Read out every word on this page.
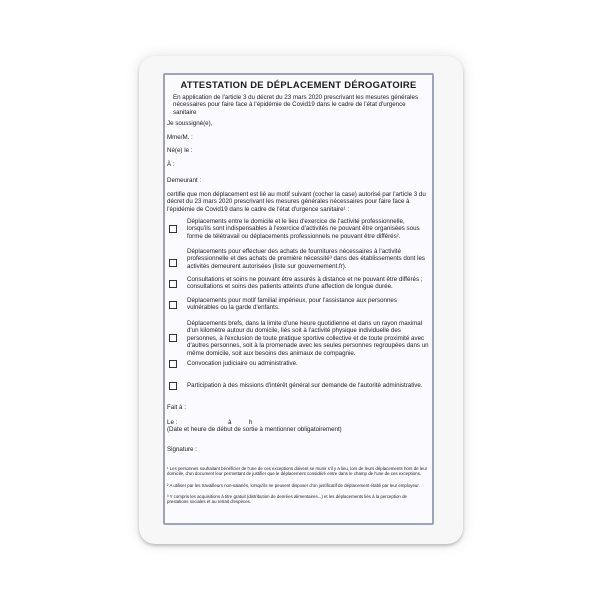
ATTESTATION DE DÉPLACEMENT DÉROGATOIRE
En application de l'article 3 du décret du 23 mars 2020 prescrivant les mesures générales nécessaires pour faire face à l'épidémie de Covid19 dans le cadre de l'état d'urgence sanitaire
Je soussigné(e),
Mme/M. :
Né(e) le :
À :
Demeurant :
certifie que mon déplacement est lié au motif suivant (cocher la case) autorisé par l'article 3 du décret du 23 mars 2020 prescrivant les mesures générales nécessaires pour faire face à l'épidémie de Covid19 dans le cadre de l'état d'urgence sanitaire¹ :
Déplacements entre le domicile et le lieu d'exercice de l'activité professionnelle, lorsqu'ils sont indispensables à l'exercice d'activités ne pouvant être organisées sous forme de télétravail ou déplacements professionnels ne pouvant être différés².
Déplacements pour effectuer des achats de fournitures nécessaires à l'activité professionnelle et des achats de première nécessité³ dans des établissements dont les activités demeurent autorisées (liste sur gouvernement.fr).
Consultations et soins ne pouvant être assurés à distance et ne pouvant être différés ; consultations et soins des patients atteints d'une affection de longue durée.
Déplacements pour motif familial impérieux, pour l'assistance aux personnes vulnérables ou la garde d'enfants.
Déplacements brefs, dans la limite d'une heure quotidienne et dans un rayon maximal d'un kilomètre autour du domicile, liés soit à l'activité physique individuelle des personnes, à l'exclusion de toute pratique sportive collective et de toute proximité avec d'autres personnes, soit à la promenade avec les seules personnes regroupées dans un même domicile, soit aux besoins des animaux de compagnie.
Convocation judiciaire ou administrative.
Participation à des missions d'intérêt général sur demande de l'autorité administrative.
Fait à :
Le :	à	h
(Date et heure de début de sortie à mentionner obligatoirement)
Signature :
¹ Les personnes souhaitant bénéficier de l'une de ces exceptions doivent se munir s'il y a lieu, lors de leurs déplacements hors de leur domicile, d'un document leur permettant de justifier que le déplacement considéré entre dans le champ de l'une de ces exceptions.
² A utiliser par les travailleurs non-salariés, lorsqu'ils ne peuvent disposer d'un justificatif de déplacement établi par leur employeur.
³ Y compris les acquisitions à titre gratuit (distribution de denrées alimentaires...) et les déplacements liés à la perception de prestations sociales et au retrait d'espèces.
